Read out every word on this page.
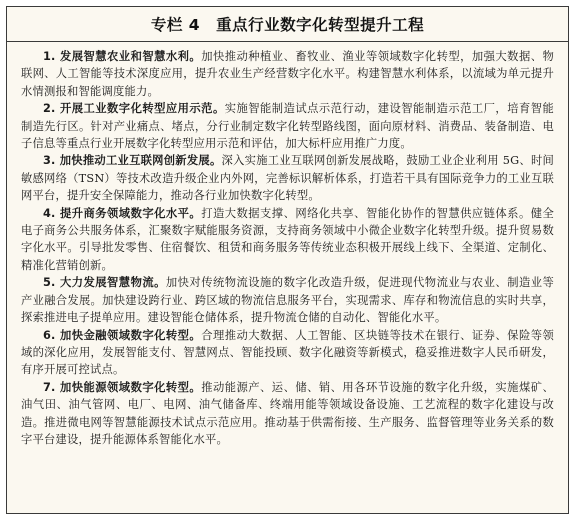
专栏 4　重点行业数字化转型提升工程

1. 发展智慧农业和智慧水利。加快推动种植业、畜牧业、渔业等领域数字化转型，加强大数据、物联网、人工智能等技术深度应用，提升农业生产经营数字化水平。构建智慧水利体系，以流域为单元提升水情测报和智能调度能力。

2. 开展工业数字化转型应用示范。实施智能制造试点示范行动，建设智能制造示范工厂，培育智能制造先行区。针对产业痛点、堵点，分行业制定数字化转型路线图，面向原材料、消费品、装备制造、电子信息等重点行业开展数字化转型应用示范和评估，加大标杆应用推广力度。

3. 加快推动工业互联网创新发展。深入实施工业互联网创新发展战略，鼓励工业企业利用 5G、时间敏感网络（TSN）等技术改造升级企业内外网，完善标识解析体系，打造若干具有国际竞争力的工业互联网平台，提升安全保障能力，推动各行业加快数字化转型。

4. 提升商务领域数字化水平。打造大数据支撑、网络化共享、智能化协作的智慧供应链体系。健全电子商务公共服务体系，汇聚数字赋能服务资源，支持商务领域中小微企业数字化转型升级。提升贸易数字化水平。引导批发零售、住宿餐饮、租赁和商务服务等传统业态积极开展线上线下、全渠道、定制化、精准化营销创新。

5. 大力发展智慧物流。加快对传统物流设施的数字化改造升级，促进现代物流业与农业、制造业等产业融合发展。加快建设跨行业、跨区域的物流信息服务平台，实现需求、库存和物流信息的实时共享，探索推进电子提单应用。建设智能仓储体系，提升物流仓储的自动化、智能化水平。

6. 加快金融领域数字化转型。合理推动大数据、人工智能、区块链等技术在银行、证券、保险等领域的深化应用，发展智能支付、智慧网点、智能投顾、数字化融资等新模式，稳妥推进数字人民币研发，有序开展可控试点。

7. 加快能源领域数字化转型。推动能源产、运、储、销、用各环节设施的数字化升级，实施煤矿、油气田、油气管网、电厂、电网、油气储备库、终端用能等领域设备设施、工艺流程的数字化建设与改造。推进微电网等智慧能源技术试点示范应用。推动基于供需衔接、生产服务、监督管理等业务关系的数字平台建设，提升能源体系智能化水平。
